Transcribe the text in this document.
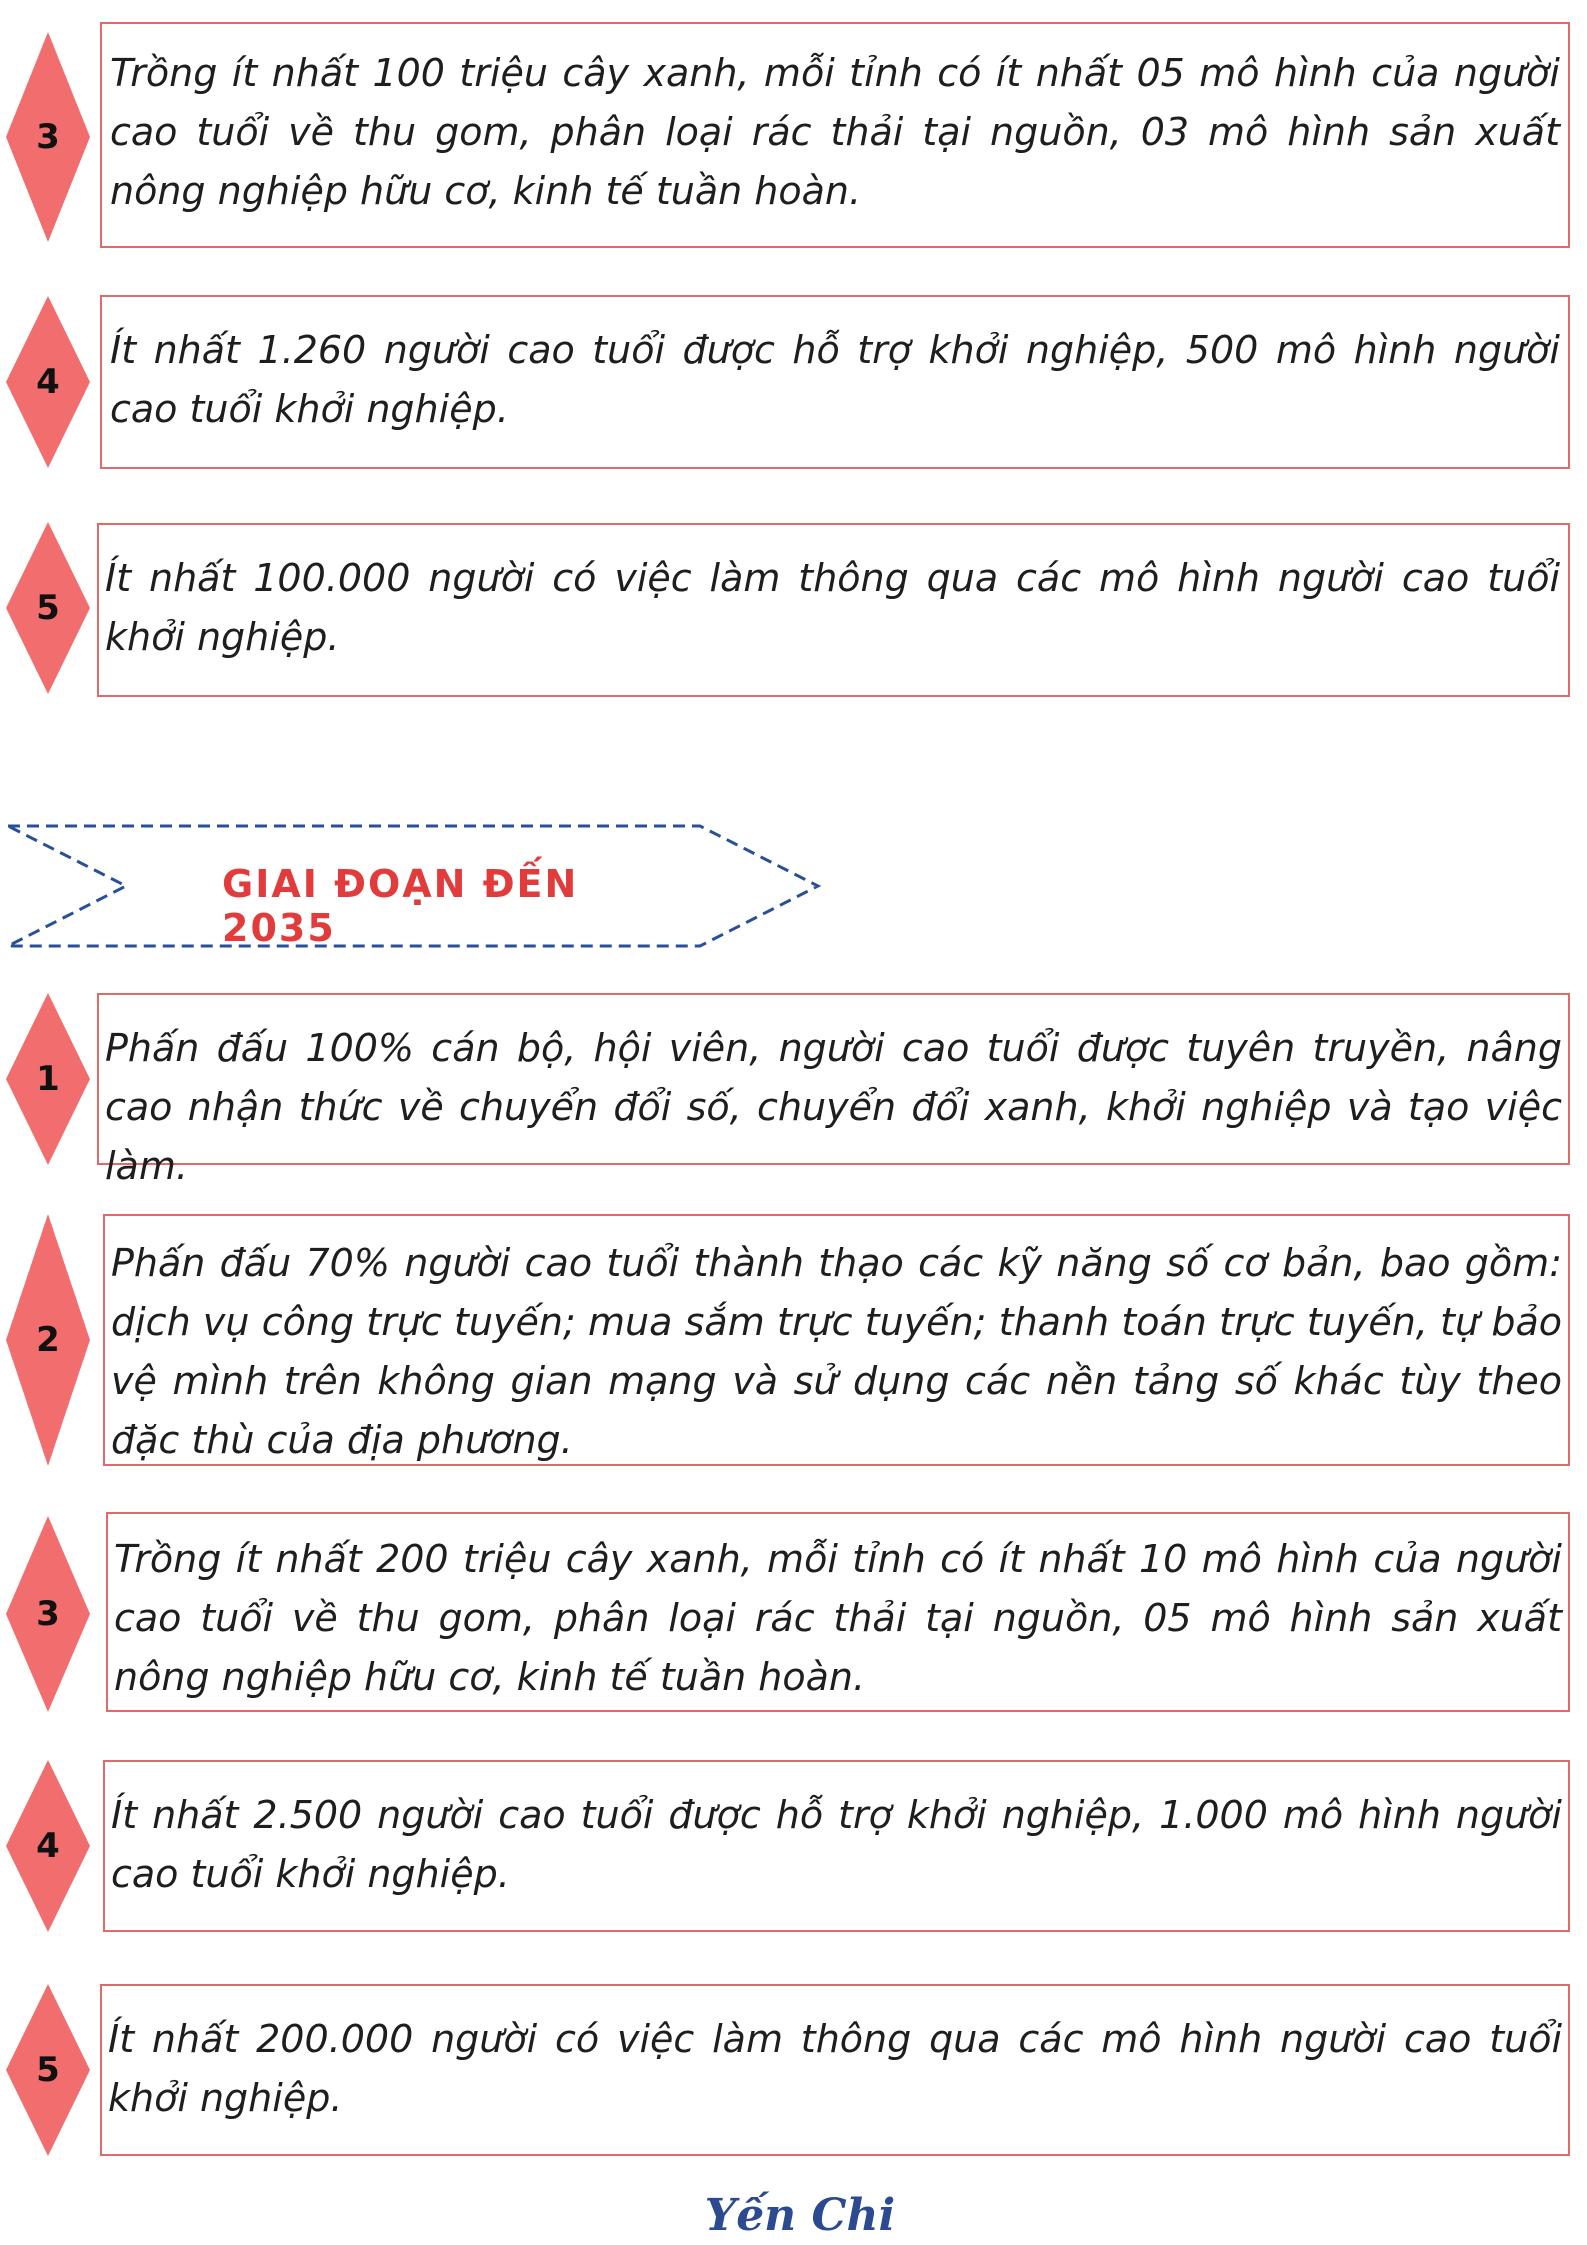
3

Trồng ít nhất 100 triệu cây xanh, mỗi tỉnh có ít nhất 05 mô hình của người cao tuổi về thu gom, phân loại rác thải tại nguồn, 03 mô hình sản xuất nông nghiệp hữu cơ, kinh tế tuần hoàn.

4

Ít nhất 1.260 người cao tuổi được hỗ trợ khởi nghiệp, 500 mô hình người cao tuổi khởi nghiệp.

5

Ít nhất 100.000 người có việc làm thông qua các mô hình người cao tuổi khởi nghiệp.

GIAI ĐOẠN ĐẾN 2035
1

Phấn đấu 100% cán bộ, hội viên, người cao tuổi được tuyên truyền, nâng cao nhận thức về chuyển đổi số, chuyển đổi xanh, khởi nghiệp và tạo việc làm.

2

Phấn đấu 70% người cao tuổi thành thạo các kỹ năng số cơ bản, bao gồm: dịch vụ công trực tuyến; mua sắm trực tuyến; thanh toán trực tuyến, tự bảo vệ mình trên không gian mạng và sử dụng các nền tảng số khác tùy theo đặc thù của địa phương.

3

Trồng ít nhất 200 triệu cây xanh, mỗi tỉnh có ít nhất 10 mô hình của người cao tuổi về thu gom, phân loại rác thải tại nguồn, 05 mô hình sản xuất nông nghiệp hữu cơ, kinh tế tuần hoàn.

4

Ít nhất 2.500 người cao tuổi được hỗ trợ khởi nghiệp, 1.000 mô hình người cao tuổi khởi nghiệp.

5

Ít nhất 200.000 người có việc làm thông qua các mô hình người cao tuổi khởi nghiệp.

Yến Chi
